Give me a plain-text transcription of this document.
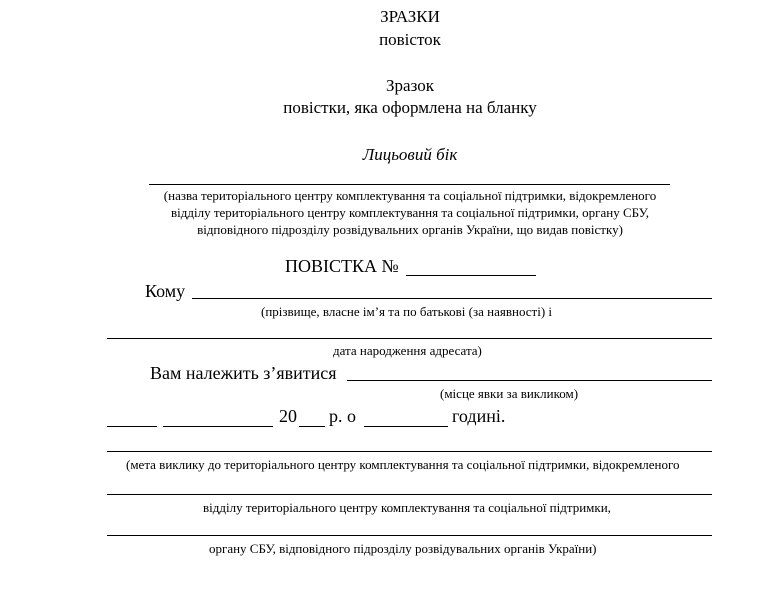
ЗРАЗКИ
повісток
Зразок
повістки, яка оформлена на бланку
Лицьовий бік
(назва територіального центру комплектування та соціальної підтримки, відокремленого
відділу територіального центру комплектування та соціальної підтримки, органу СБУ,
відповідного підрозділу розвідувальних органів України, що видав повістку)
ПОВІСТКА №
Кому
(прізвище, власне ім’я та по батькові (за наявності) і
дата народження адресата)
Вам належить з’явитися
(місце явки за викликом)
20 р. о	годині.
(мета виклику до територіального центру комплектування та соціальної підтримки, відокремленого
відділу територіального центру комплектування та соціальної підтримки,
органу СБУ, відповідного підрозділу розвідувальних органів України)
